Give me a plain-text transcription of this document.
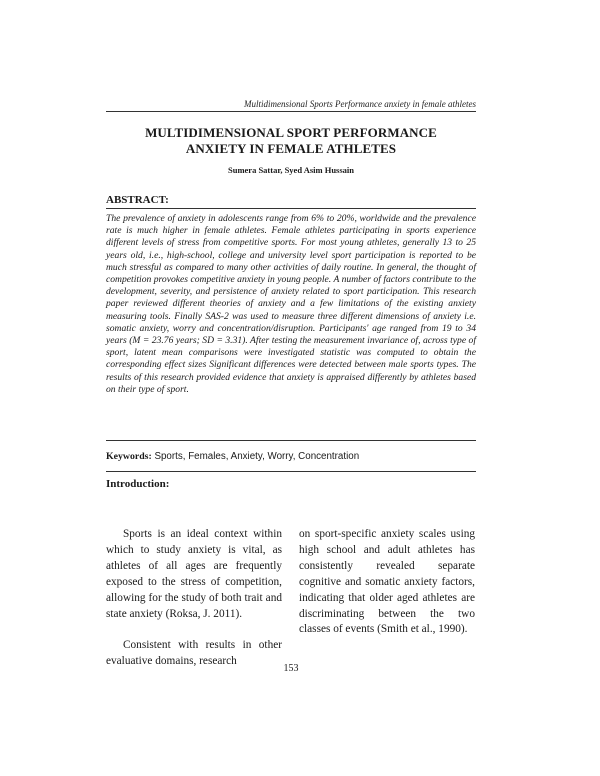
Multidimensional Sports Performance anxiety in female athletes
MULTIDIMENSIONAL SPORT PERFORMANCE
ANXIETY IN FEMALE ATHLETES
Sumera Sattar, Syed Asim Hussain
ABSTRACT:

The prevalence of anxiety in adolescents range from 6% to 20%, worldwide and the prevalence rate is much higher in female athletes. Female athletes participating in sports experience different levels of stress from competitive sports. For most young athletes, generally 13 to 25 years old, i.e., high-school, college and university level sport participation is reported to be much stressful as compared to many other activities of daily routine. In general, the thought of competition provokes competitive anxiety in young people. A number of factors contribute to the development, severity, and persistence of anxiety related to sport participation. This research paper reviewed different theories of anxiety and a few limitations of the existing anxiety measuring tools. Finally SAS-2 was used to measure three different dimensions of anxiety i.e. somatic anxiety, worry and concentration/disruption. Participants' age ranged from 19 to 34 years (M = 23.76 years; SD = 3.31). After testing the measurement invariance of, across type of sport, latent mean comparisons were investigated statistic was computed to obtain the corresponding effect sizes Significant differences were detected between male sports types. The results of this research provided evidence that anxiety is appraised differently by athletes based on their type of sport.

Keywords: Sports, Females, Anxiety, Worry, Concentration
Introduction:

Sports is an ideal context within which to study anxiety is vital, as athletes of all ages are frequently exposed to the stress of competition, allowing for the study of both trait and state anxiety (Roksa, J. 2011).

Consistent with results in other evaluative domains, research

on sport-specific anxiety scales using high school and adult athletes has consistently revealed separate cognitive and somatic anxiety factors, indicating that older aged athletes are discriminating between the two classes of events (Smith et al., 1990).

153
